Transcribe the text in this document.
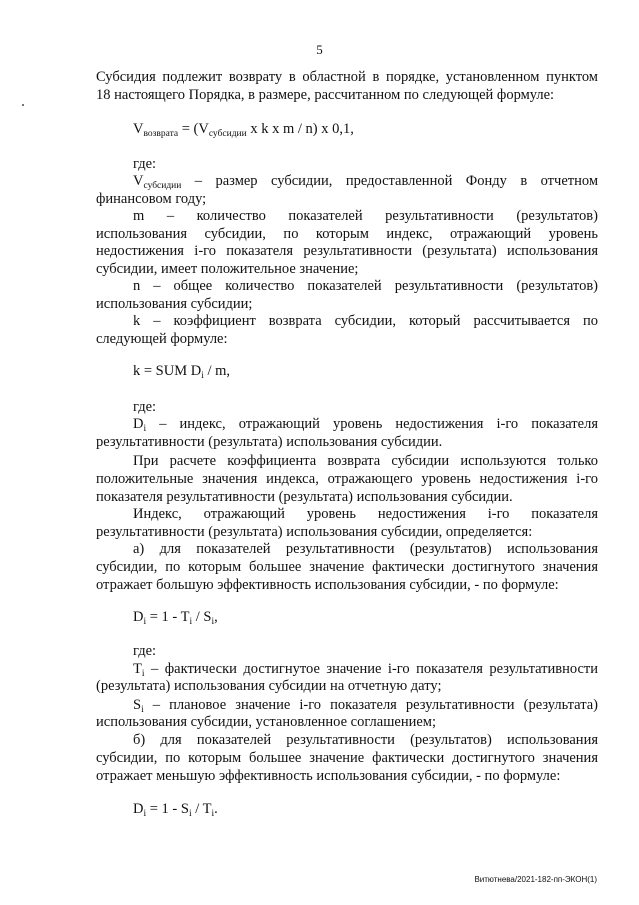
5
Субсидия подлежит возврату в областной в порядке, установленном пунктом
18 настоящего Порядка, в размере, рассчитанном по следующей формуле:
$V_{возврата} = (V_{субсидии}$ x k x m / n) x 0,1,
где:
$V_{субсидии}$ – размер субсидии, предоставленной Фонду в отчетном
финансовом году;
m – количество показателей результативности (результатов)
использования субсидии, по которым индекс, отражающий уровень
недостижения i-го показателя результативности (результата) использования
субсидии, имеет положительное значение;
n – общее количество показателей результативности (результатов)
использования субсидии;
k – коэффициент возврата субсидии, который рассчитывается по
следующей формуле:
k = SUM $D_i$ / m,
где:
$D_i$ – индекс, отражающий уровень недостижения i-го показателя
результативности (результата) использования субсидии.
При расчете коэффициента возврата субсидии используются только
положительные значения индекса, отражающего уровень недостижения i-го
показателя результативности (результата) использования субсидии.
Индекс, отражающий уровень недостижения i-го показателя
результативности (результата) использования субсидии, определяется:
а) для показателей результативности (результатов) использования
субсидии, по которым большее значение фактически достигнутого значения
отражает большую эффективность использования субсидии, - по формуле:
$D_i = 1 - T_i / S_i$,
где:
$T_i$ – фактически достигнутое значение i-го показателя результативности
(результата) использования субсидии на отчетную дату;
$S_i$ – плановое значение i-го показателя результативности (результата)
использования субсидии, установленное соглашением;
б) для показателей результативности (результатов) использования
субсидии, по которым большее значение фактически достигнутого значения
отражает меньшую эффективность использования субсидии, - по формуле:
$D_i = 1 - S_i / T_i$.
Витютнева/2021-182-пп-ЭКОН(1)
